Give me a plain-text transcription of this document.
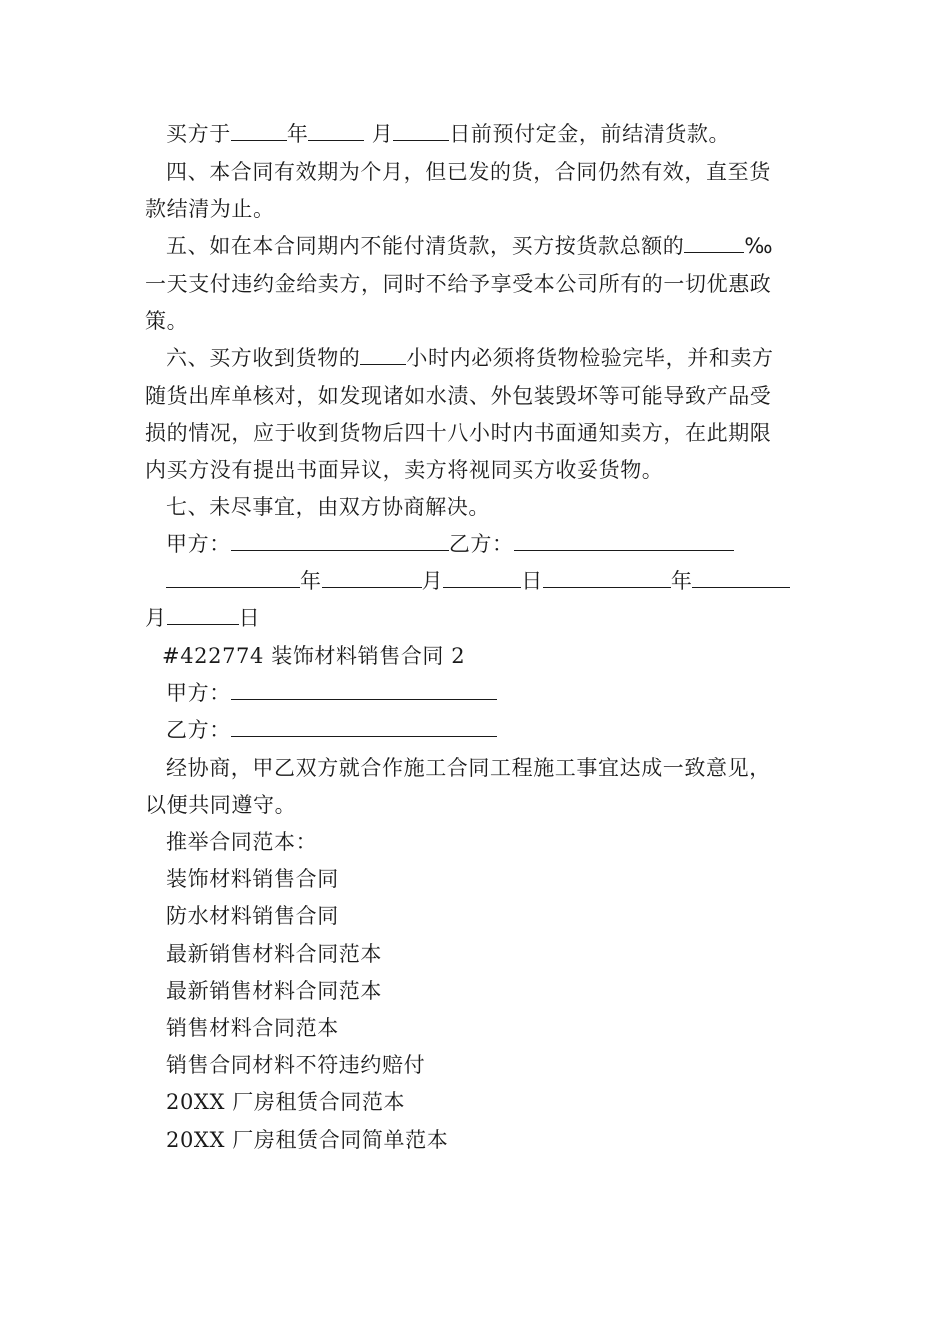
买方于	年	月	日前预付定金，前结清货款。
四、本合同有效期为个月，但已发的货，合同仍然有效，直至货
款结清为止。
五、如在本合同期内不能付清货款，买方按货款总额的	‰
一天支付违约金给卖方，同时不给予享受本公司所有的一切优惠政
策。
六、买方收到货物的 小时内必须将货物检验完毕，并和卖方
随货出库单核对，如发现诸如水渍、外包装毁坏等可能导致产品受
损的情况，应于收到货物后四十八小时内书面通知卖方，在此期限
内买方没有提出书面异议，卖方将视同买方收妥货物。
七、未尽事宜，由双方协商解决。
甲方：	乙方：
年	月	日	年
月	日
#422774 装饰材料销售合同 2
甲方：
乙方：
经协商，甲乙双方就合作施工合同工程施工事宜达成一致意见，
以便共同遵守。
推举合同范本：
装饰材料销售合同
防水材料销售合同
最新销售材料合同范本
最新销售材料合同范本
销售材料合同范本
销售合同材料不符违约赔付
20XX 厂房租赁合同范本
20XX 厂房租赁合同简单范本
